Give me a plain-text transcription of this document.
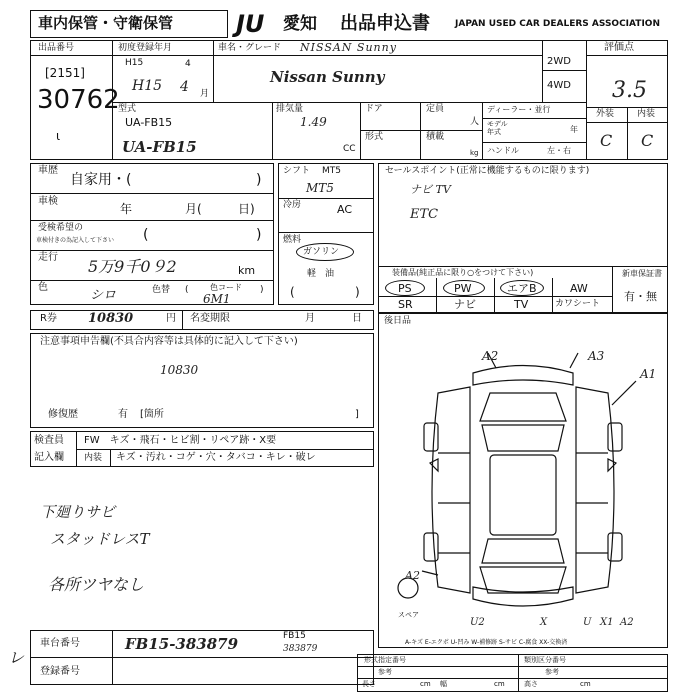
車内保管・守衛保管	JU 愛知 出品申込書	JAPAN USED CAR DEALERS ASSOCIATION
出品番号
[2151]
30762
ι
初度登録年月
H15	4
H15 4 月
車名・グレード NISSAN Sunny
Nissan Sunny
2WD
4WD
評価点
3.5
型式
UA-FB15
UA-FB15
排気量
1.49
CC
ドア
形式
定員
人
積載
kg
ディーラー・並行
モデル
年式	年
ハンドル	左・右
外装	内装
C C
車歴
自家用・(	)
車検
年	月(	日)
受検希望の
車検付きの為記入して下さい (	)
走行 5万9千0９2	km
色
シロ	色替 (	)
色コード
6M1
シフト MT5
MT5
冷房	AC
燃料
ガソリン
軽　油
(	)
セールスポイント(正常に機能するものに限ります)
ナビ TV
ETC
装備品(純正品に限り○をつけて下さい)
PS	PW	エアB	AW
SR	ナビ	TV	カワシート
新車保証書
有・無
R券 10830	円 名変期限	月	日
注意事項申告欄(不具合内容等は具体的に記入して下さい)
10830
修復歴	有 [箇所	]
検査員
記入欄
FW　キズ・飛石・ヒビ割・リペア跡・X要
内装 キズ・汚れ・コゲ・穴・タバコ・キレ・破レ
下廻りサビ
スタッドレスT
各所ツヤなし
後日品
A2	A3
A1
A2
U2	X	U X1 A2
スペア
A-キズ E-エクボ U-凹み W-補修跡 S-サビ C-腐食 XX-交換済
レ
車台番号	FB15-383879	FB15
383879
登録番号
形式指定番号	類別区分番号
参考	参考
長さ	cm 幅	cm	高さ	cm
